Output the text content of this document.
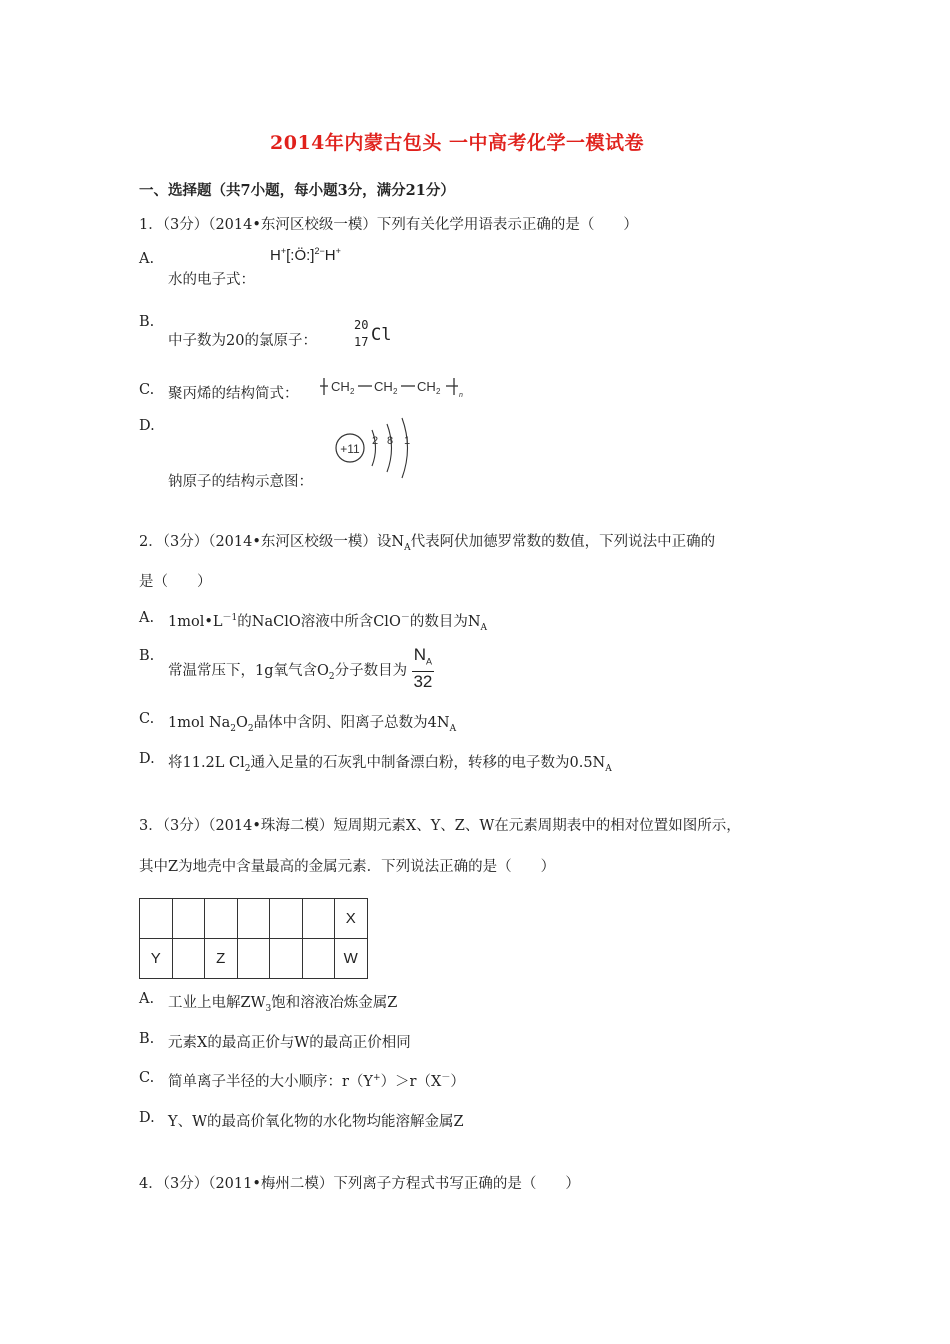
2014年内蒙古包头 一中高考化学一模试卷
一、选择题（共7小题，每小题3分，满分21分）
1．（3分）（2014•东河区校级一模）下列有关化学用语表示正确的是（　　）
A.	H+[:Ö:]$^{2-}$H+
水的电子式：
B.
中子数为20的氯原子：
20
17 Cl
C. 聚丙烯的结构简式：	CH 2 CH 2 CH 2	n
D.
钠原子的结构示意图：
+11
2 8 1
2．（3分）（2014•东河区校级一模）设$N_A$代表阿伏加德罗常数的数值，下列说法中正确的
是（　　）
A. $1mol•L^{-1}$的NaClO溶液中所含ClO－的数目为$N_A$
B.
常温常压下，1g氧气含$O_2$分子数目为 $\frac{N_A}{32}$
C. 1mol $Na_2O_2$晶体中含阴、阳离子总数为$4N_A$
D. 将11.2L $Cl_2$通入足量的石灰乳中制备漂白粉，转移的电子数为$0.5N_A$
3．（3分）（2014•珠海二模）短周期元素X、Y、Z、W在元素周期表中的相对位置如图所示，
其中Z为地壳中含量最高的金属元素．下列说法正确的是（　　）
						X
Y		Z				W
A. 工业上电解$ZW_3$饱和溶液冶炼金属Z
B. 元素X的最高正价与W的最高正价相同
C. 简单离子半径的大小顺序：r（Y+）＞r（X－）
D. Y、W的最高价氧化物的水化物均能溶解金属Z
4．（3分）（2011•梅州二模）下列离子方程式书写正确的是（　　）
